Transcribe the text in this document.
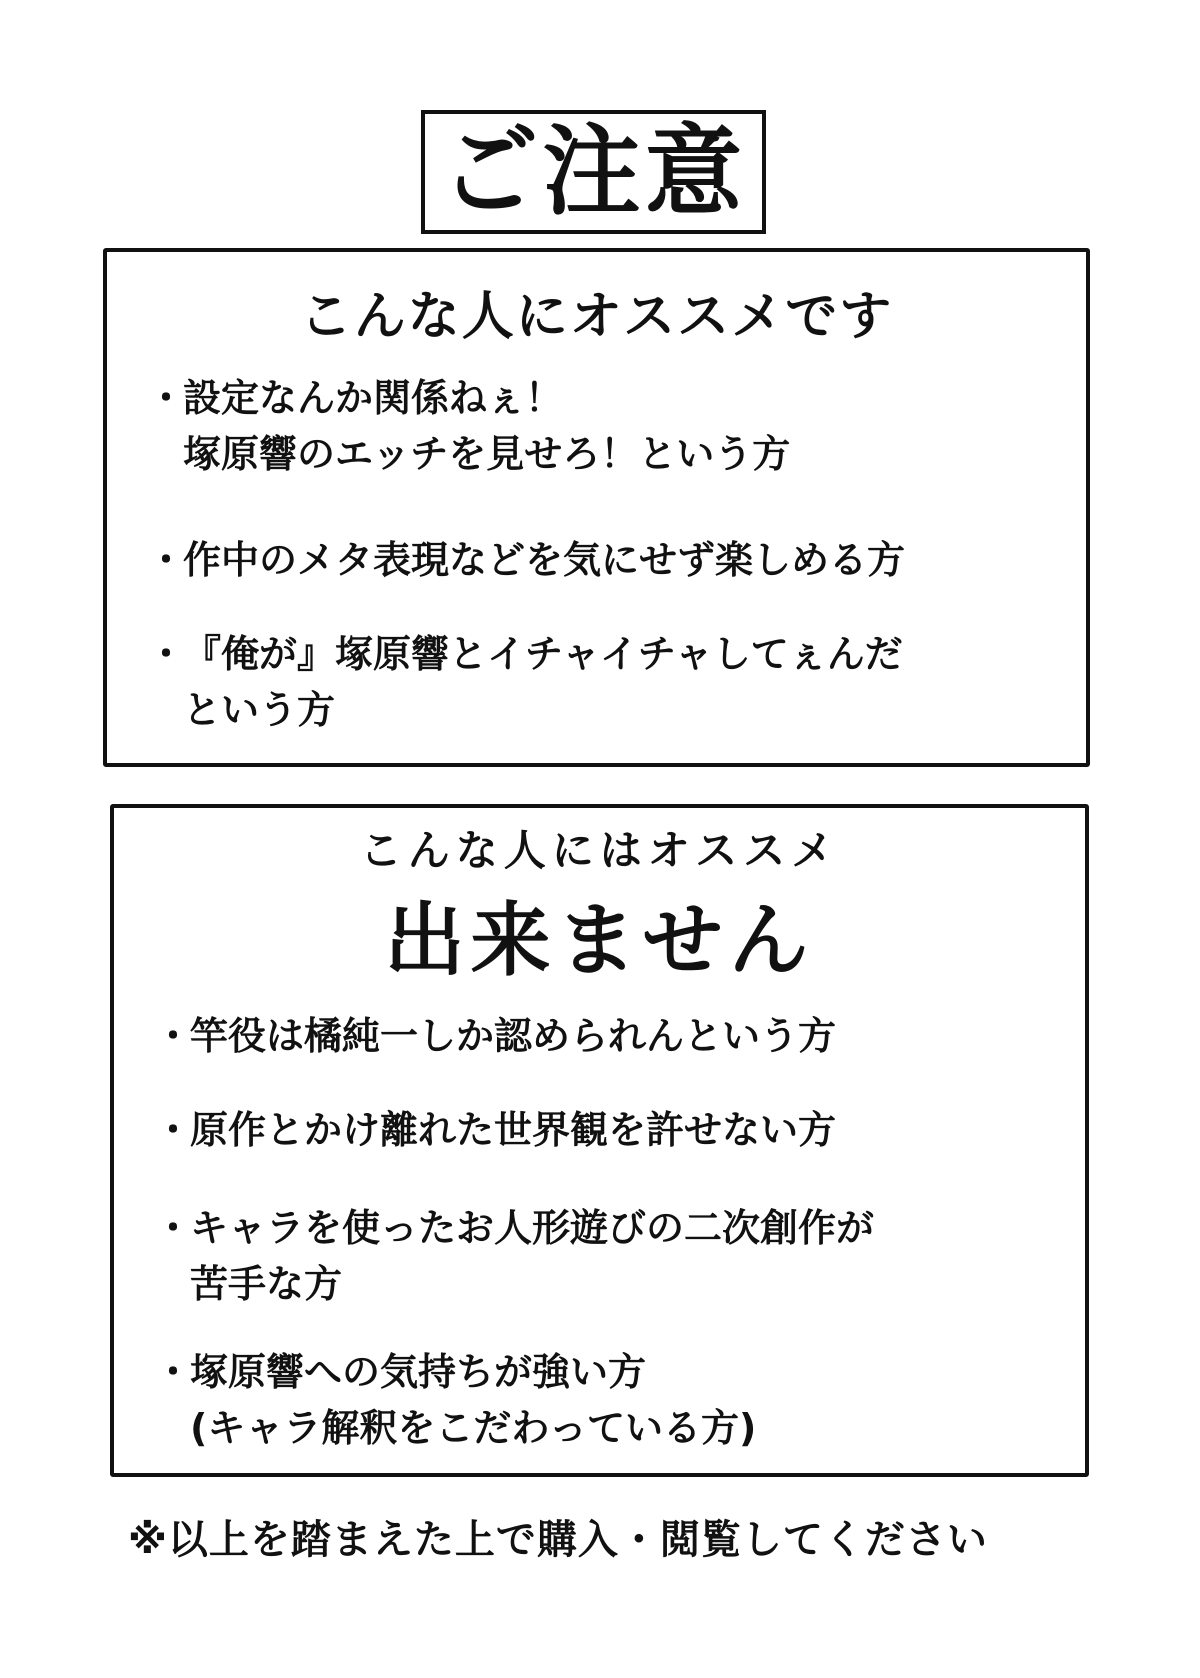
ご注意
こんな人にオススメです
・設定なんか関係ねぇ！
塚原響のエッチを見せろ！という方
・作中のメタ表現などを気にせず楽しめる方
・『俺が』塚原響とイチャイチャしてぇんだ
という方
こんな人にはオススメ
出来ません
・竿役は橘純一しか認められんという方
・原作とかけ離れた世界観を許せない方
・キャラを使ったお人形遊びの二次創作が
苦手な方
・塚原響への気持ちが強い方
(キャラ解釈をこだわっている方)
※以上を踏まえた上で購入・閲覧してください
